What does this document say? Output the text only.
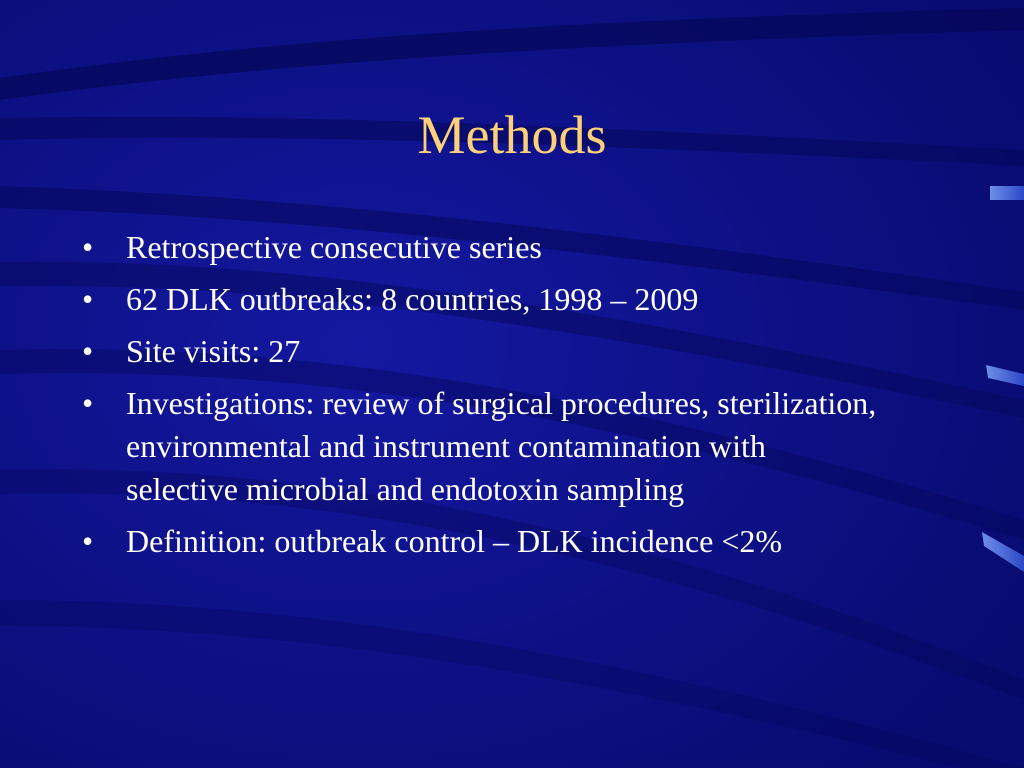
Methods
•	Retrospective consecutive series
•	62 DLK outbreaks: 8 countries, 1998 – 2009
•	Site visits: 27
•	Investigations: review of surgical procedures, sterilization, environmental and instrument contamination with selective microbial and endotoxin sampling
•	Definition: outbreak control – DLK incidence <2%
